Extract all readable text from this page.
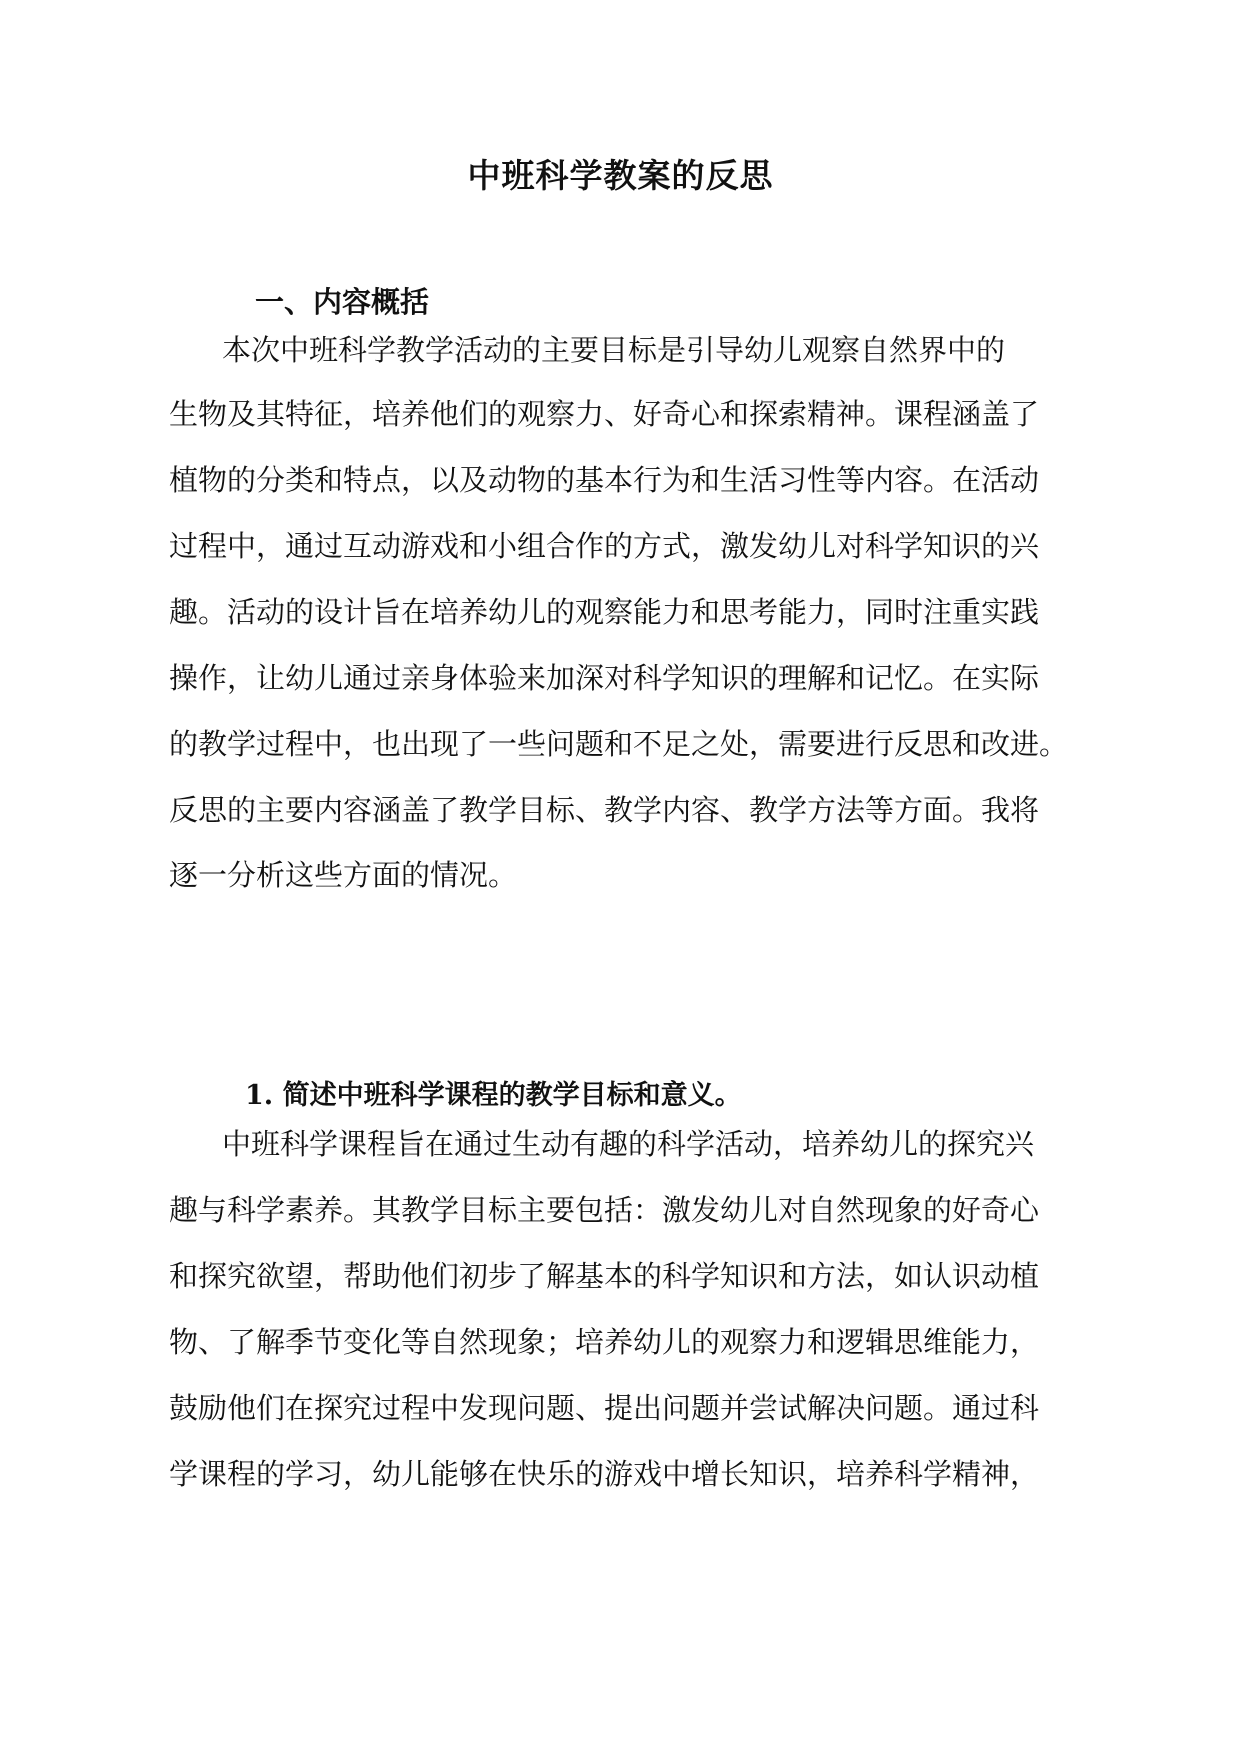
中班科学教案的反思
一、内容概括
本次中班科学教学活动的主要目标是引导幼儿观察自然界中的
生物及其特征，培养他们的观察力、好奇心和探索精神。课程涵盖了
植物的分类和特点，以及动物的基本行为和生活习性等内容。在活动
过程中，通过互动游戏和小组合作的方式，激发幼儿对科学知识的兴
趣。活动的设计旨在培养幼儿的观察能力和思考能力，同时注重实践
操作，让幼儿通过亲身体验来加深对科学知识的理解和记忆。在实际
的教学过程中，也出现了一些问题和不足之处，需要进行反思和改进。
反思的主要内容涵盖了教学目标、教学内容、教学方法等方面。我将
逐一分析这些方面的情况。
1. 简述中班科学课程的教学目标和意义。
中班科学课程旨在通过生动有趣的科学活动，培养幼儿的探究兴
趣与科学素养。其教学目标主要包括：激发幼儿对自然现象的好奇心
和探究欲望，帮助他们初步了解基本的科学知识和方法，如认识动植
物、了解季节变化等自然现象；培养幼儿的观察力和逻辑思维能力，
鼓励他们在探究过程中发现问题、提出问题并尝试解决问题。通过科
学课程的学习，幼儿能够在快乐的游戏中增长知识，培养科学精神，
